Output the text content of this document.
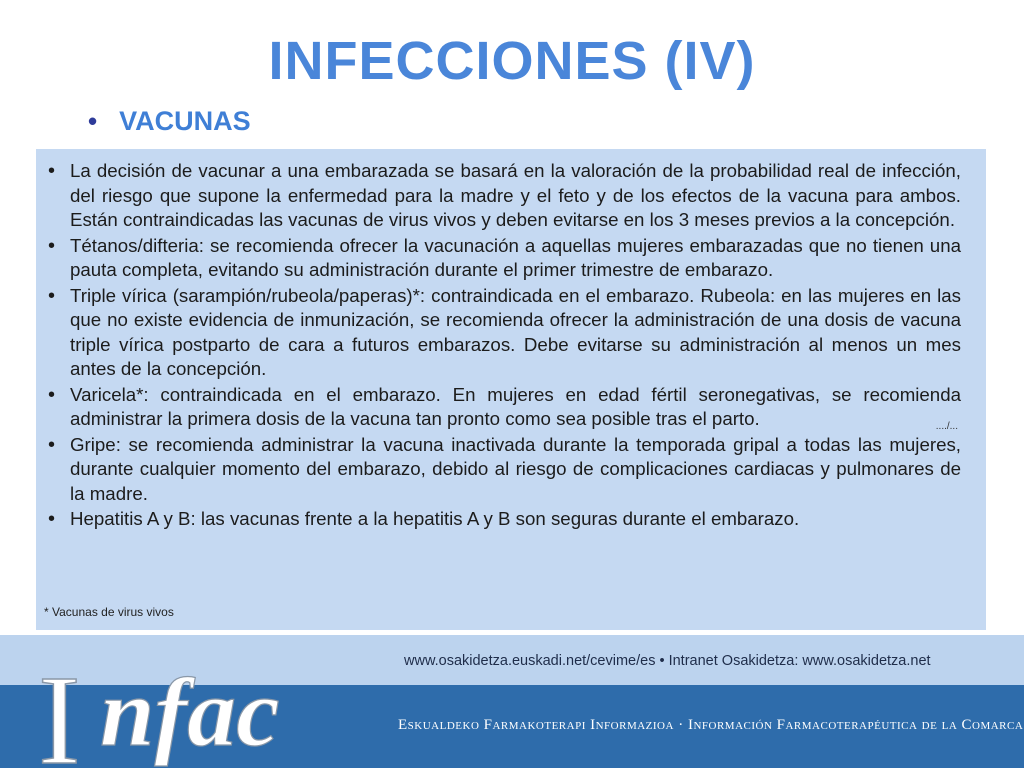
INFECCIONES (IV)
• VACUNAS
• La decisión de vacunar a una embarazada se basará en la valoración de la probabilidad real de infección, del riesgo que supone la enfermedad para la madre y el feto y de los efectos de la vacuna para ambos. Están contraindicadas las vacunas de virus vivos y deben evitarse en los 3 meses previos a la concepción.
• Tétanos/difteria: se recomienda ofrecer la vacunación a aquellas mujeres embarazadas que no tienen una pauta completa, evitando su administración durante el primer trimestre de embarazo.
• Triple vírica (sarampión/rubeola/paperas)*: contraindicada en el embarazo. Rubeola: en las mujeres en las que no existe evidencia de inmunización, se recomienda ofrecer la administración de una dosis de vacuna triple vírica postparto de cara a futuros embarazos. Debe evitarse su administración al menos un mes antes de la concepción.
• Varicela*: contraindicada en el embarazo. En mujeres en edad fértil seronegativas, se recomienda administrar la primera dosis de la vacuna tan pronto como sea posible tras el parto.
• Gripe: se recomienda administrar la vacuna inactivada durante la temporada gripal a todas las mujeres, durante cualquier momento del embarazo, debido al riesgo de complicaciones cardiacas y pulmonares de la madre.
• Hepatitis A y B: las vacunas frente a la hepatitis A y B son seguras durante el embarazo.
..../...
* Vacunas de virus vivos
I nfac	www.osakidetza.euskadi.net/cevime/es • Intranet Osakidetza: www.osakidetza.net
Eskualdeko Farmakoterapi Informazioa · Información Farmacoterapéutica de la Comarca
